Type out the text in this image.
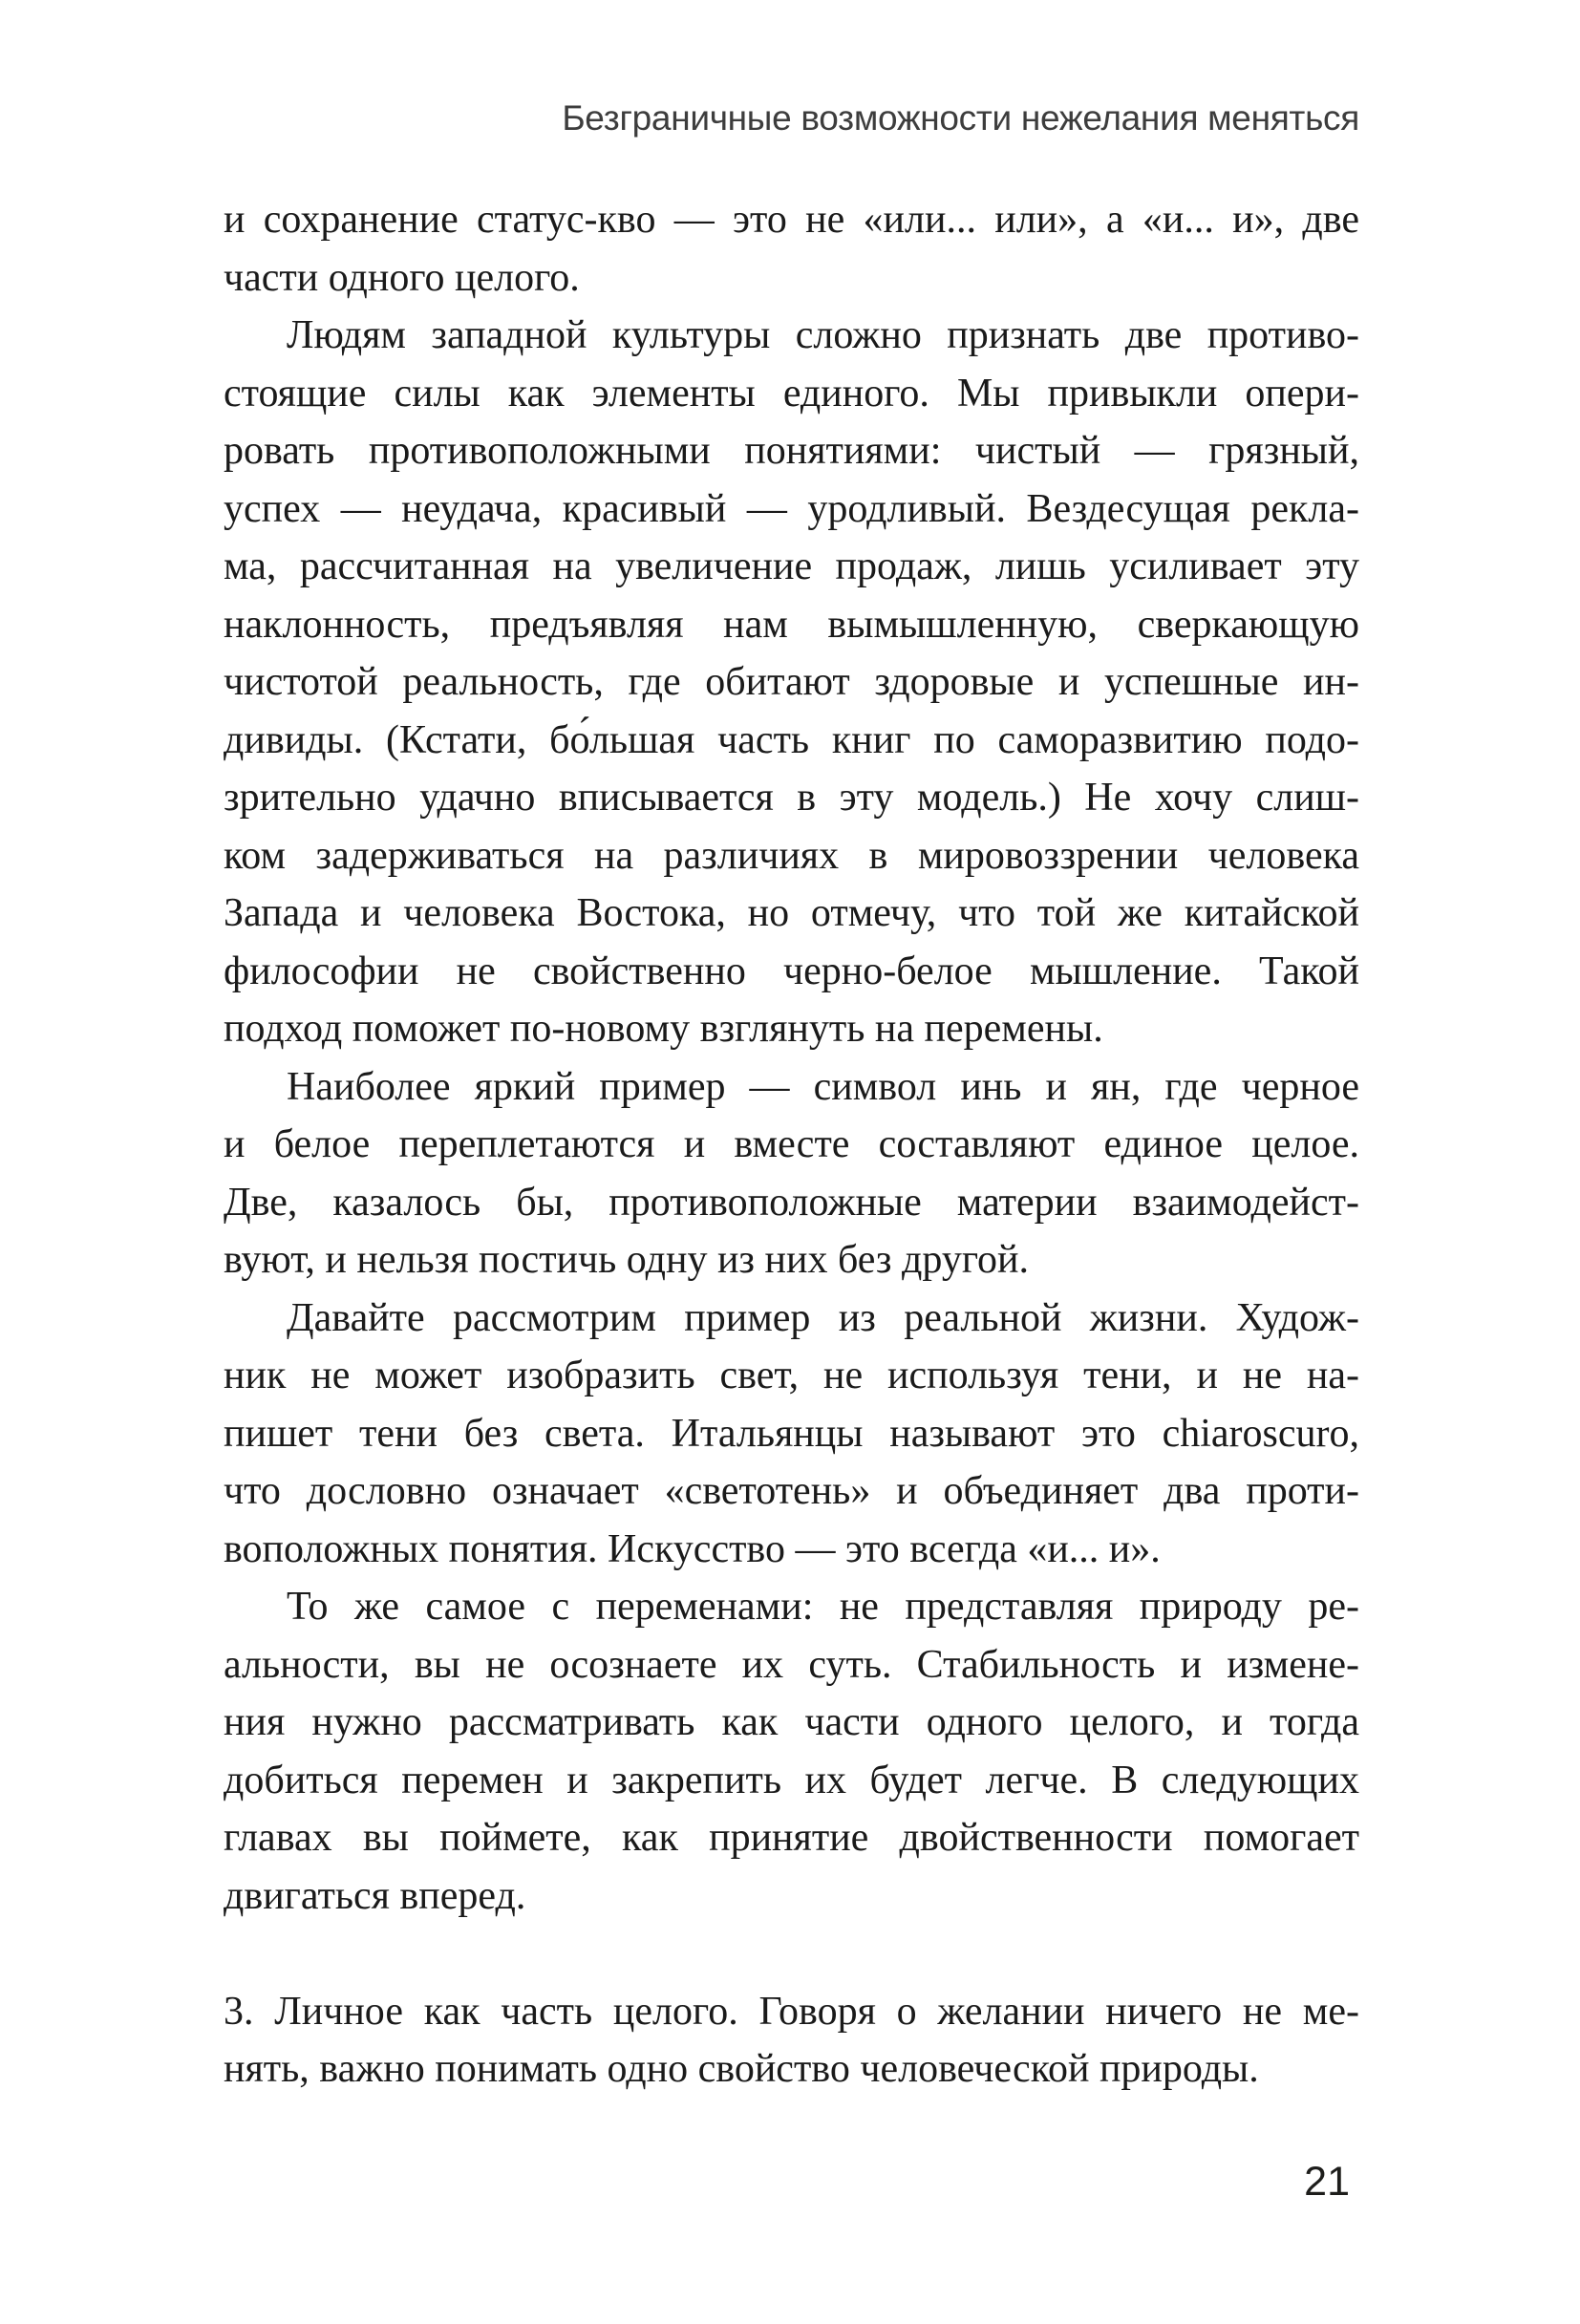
Безграничные возможности нежелания меняться
и сохранение статус-кво — это не «или... или», а «и... и», две
части одного целого.
Людям западной культуры сложно признать две противо-
стоящие силы как элементы единого. Мы привыкли опери-
ровать противоположными понятиями: чистый — грязный,
успех — неудача, красивый — уродливый. Вездесущая рекла-
ма, рассчитанная на увеличение продаж, лишь усиливает эту
наклонность, предъявляя нам вымышленную, сверкающую
чистотой реальность, где обитают здоровые и успешные ин-
дивиды. (Кстати, бо́льшая часть книг по саморазвитию подо-
зрительно удачно вписывается в эту модель.) Не хочу слиш-
ком задерживаться на различиях в мировоззрении человека
Запада и человека Востока, но отмечу, что той же китайской
философии не свойственно черно-белое мышление. Такой
подход поможет по-новому взглянуть на перемены.
Наиболее яркий пример — символ инь и ян, где черное
и белое переплетаются и вместе составляют единое целое.
Две, казалось бы, противоположные материи взаимодейст-
вуют, и нельзя постичь одну из них без другой.
Давайте рассмотрим пример из реальной жизни. Худож-
ник не может изобразить свет, не используя тени, и не на-
пишет тени без света. Итальянцы называют это chiaroscuro,
что дословно означает «светотень» и объединяет два проти-
воположных понятия. Искусство — это всегда «и... и».
То же самое с переменами: не представляя природу ре-
альности, вы не осознаете их суть. Стабильность и измене-
ния нужно рассматривать как части одного целого, и тогда
добиться перемен и закрепить их будет легче. В следующих
главах вы поймете, как принятие двойственности помогает
двигаться вперед.
3. Личное как часть целого. Говоря о желании ничего не ме-
нять, важно понимать одно свойство человеческой природы.
21
